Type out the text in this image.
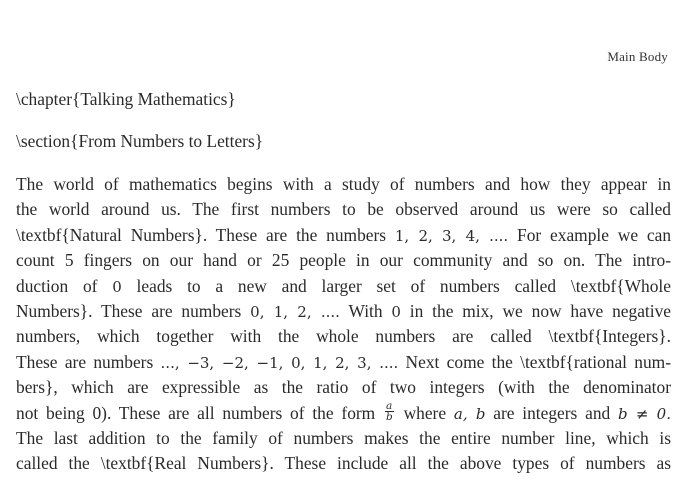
Main Body
\chapter{Talking Mathematics}
\section{From Numbers to Letters}
The world of mathematics begins with a study of numbers and how they appear in
the world around us. The first numbers to be observed around us were so called
\textbf{Natural Numbers}. These are the numbers 1, 2, 3, 4, .... For example we can
count 5 fingers on our hand or 25 people in our community and so on. The intro-
duction of 0 leads to a new and larger set of numbers called \textbf{Whole
Numbers}. These are numbers 0, 1, 2, .... With 0 in the mix, we now have negative
numbers, which together with the whole numbers are called \textbf{Integers}.
These are numbers ..., −3, −2, −1, 0, 1, 2, 3, .... Next come the \textbf{rational num-
bers}, which are expressible as the ratio of two integers (with the denominator
not being 0). These are all numbers of the form $\frac{a}{b}$ where a, b are integers and b ≠ 0.
The last addition to the family of numbers makes the entire number line, which is
called the \textbf{Real Numbers}. These include all the above types of numbers as
